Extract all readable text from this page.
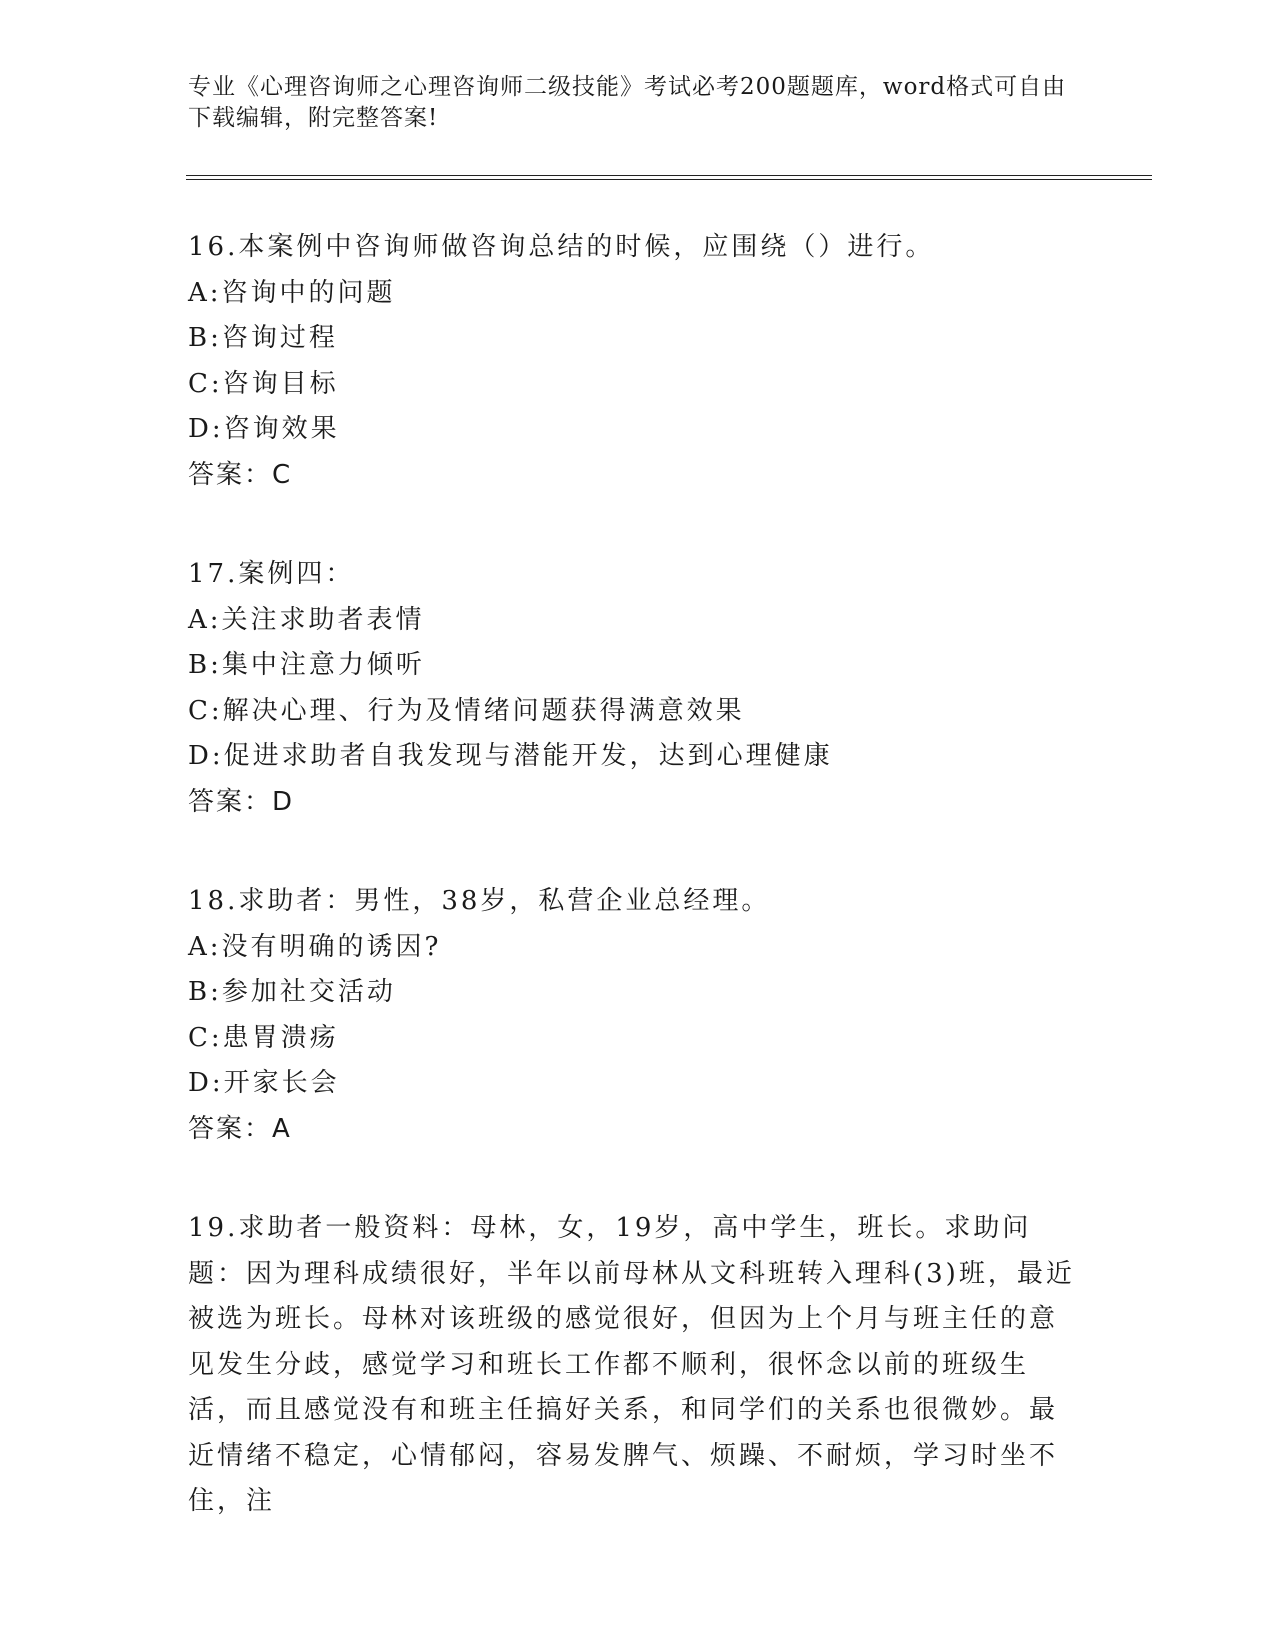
专业《心理咨询师之心理咨询师二级技能》考试必考200题题库，word格式可自由下载编辑，附完整答案!
16.本案例中咨询师做咨询总结的时候，应围绕（）进行。
A:咨询中的问题
B:咨询过程
C:咨询目标
D:咨询效果
答案：C
17.案例四：
A:关注求助者表情
B:集中注意力倾听
C:解决心理、行为及情绪问题获得满意效果
D:促进求助者自我发现与潜能开发，达到心理健康
答案：D
18.求助者：男性，38岁，私营企业总经理。
A:没有明确的诱因?
B:参加社交活动
C:患胃溃疡
D:开家长会
答案：A
19.求助者一般资料：母林，女，19岁，高中学生，班长。求助问题：因为理科成绩很好，半年以前母林从文科班转入理科(3)班，最近被选为班长。母林对该班级的感觉很好，但因为上个月与班主任的意见发生分歧，感觉学习和班长工作都不顺利，很怀念以前的班级生活，而且感觉没有和班主任搞好关系，和同学们的关系也很微妙。最近情绪不稳定，心情郁闷，容易发脾气、烦躁、不耐烦，学习时坐不住，注
